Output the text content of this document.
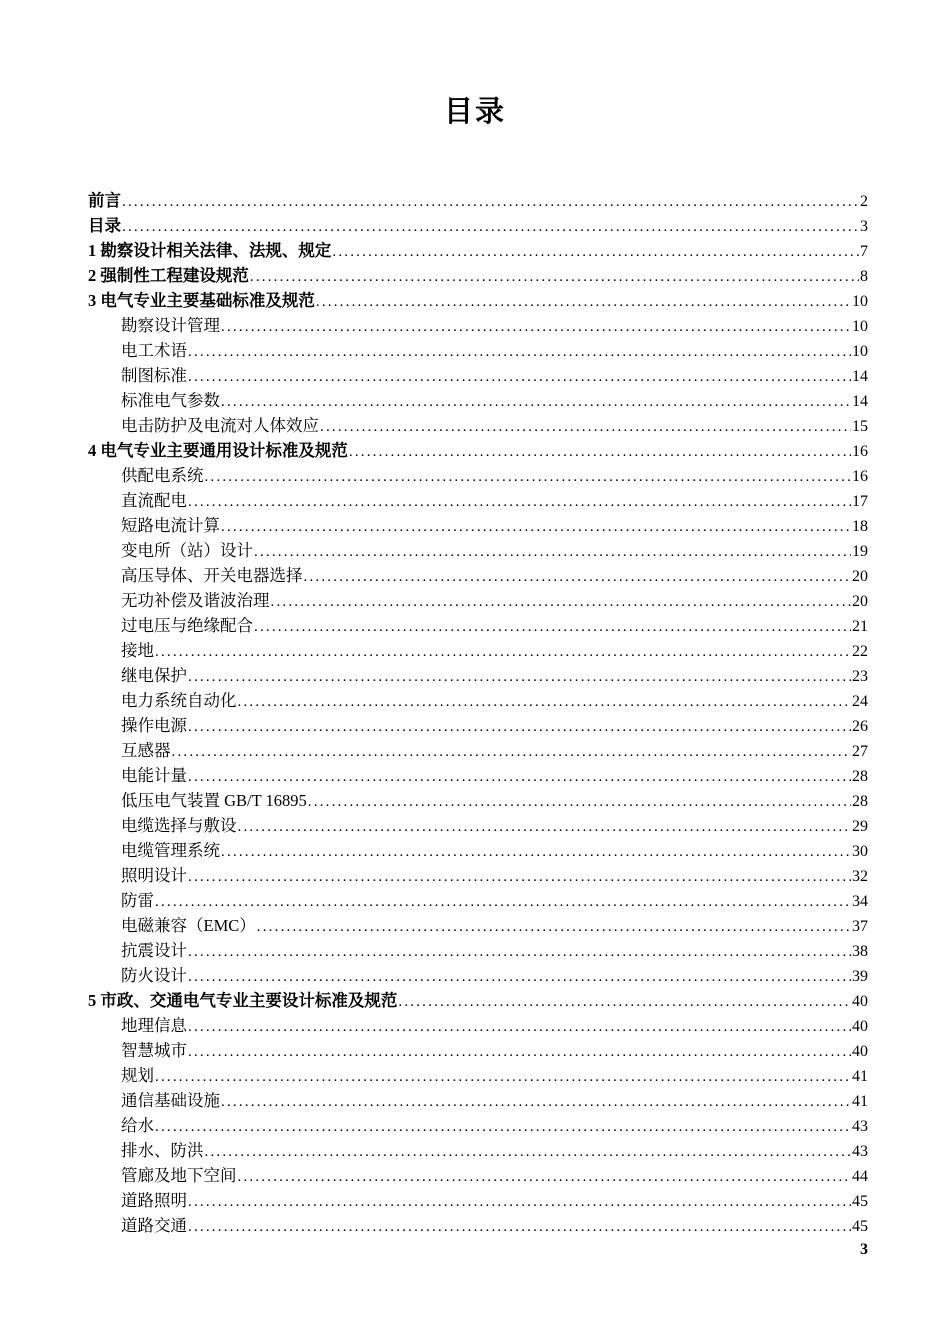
目录
前言 .....	2
目录 .....	3
1 勘察设计相关法律、法规、规定 .....	7
2 强制性工程建设规范 .....	8
3 电气专业主要基础标准及规范 .....	10
勘察设计管理 .....	10
电工术语 .....	10
制图标准 .....	14
标准电气参数 .....	14
电击防护及电流对人体效应 .....	15
4 电气专业主要通用设计标准及规范 .....	16
供配电系统 .....	16
直流配电 .....	17
短路电流计算 .....	18
变电所（站）设计 .....	19
高压导体、开关电器选择 .....	20
无功补偿及谐波治理 .....	20
过电压与绝缘配合 .....	21
接地 .....	22
继电保护 .....	23
电力系统自动化 .....	24
操作电源 .....	26
互感器 .....	27
电能计量 .....	28
低压电气装置 GB/T 16895 .....	28
电缆选择与敷设 .....	29
电缆管理系统 .....	30
照明设计 .....	32
防雷 .....	34
电磁兼容（EMC） .....	37
抗震设计 .....	38
防火设计 .....	39
5 市政、交通电气专业主要设计标准及规范 .....	40
地理信息 .....	40
智慧城市 .....	40
规划 .....	41
通信基础设施 .....	41
给水 .....	43
排水、防洪 .....	43
管廊及地下空间 .....	44
道路照明 .....	45
道路交通 .....	45
3
